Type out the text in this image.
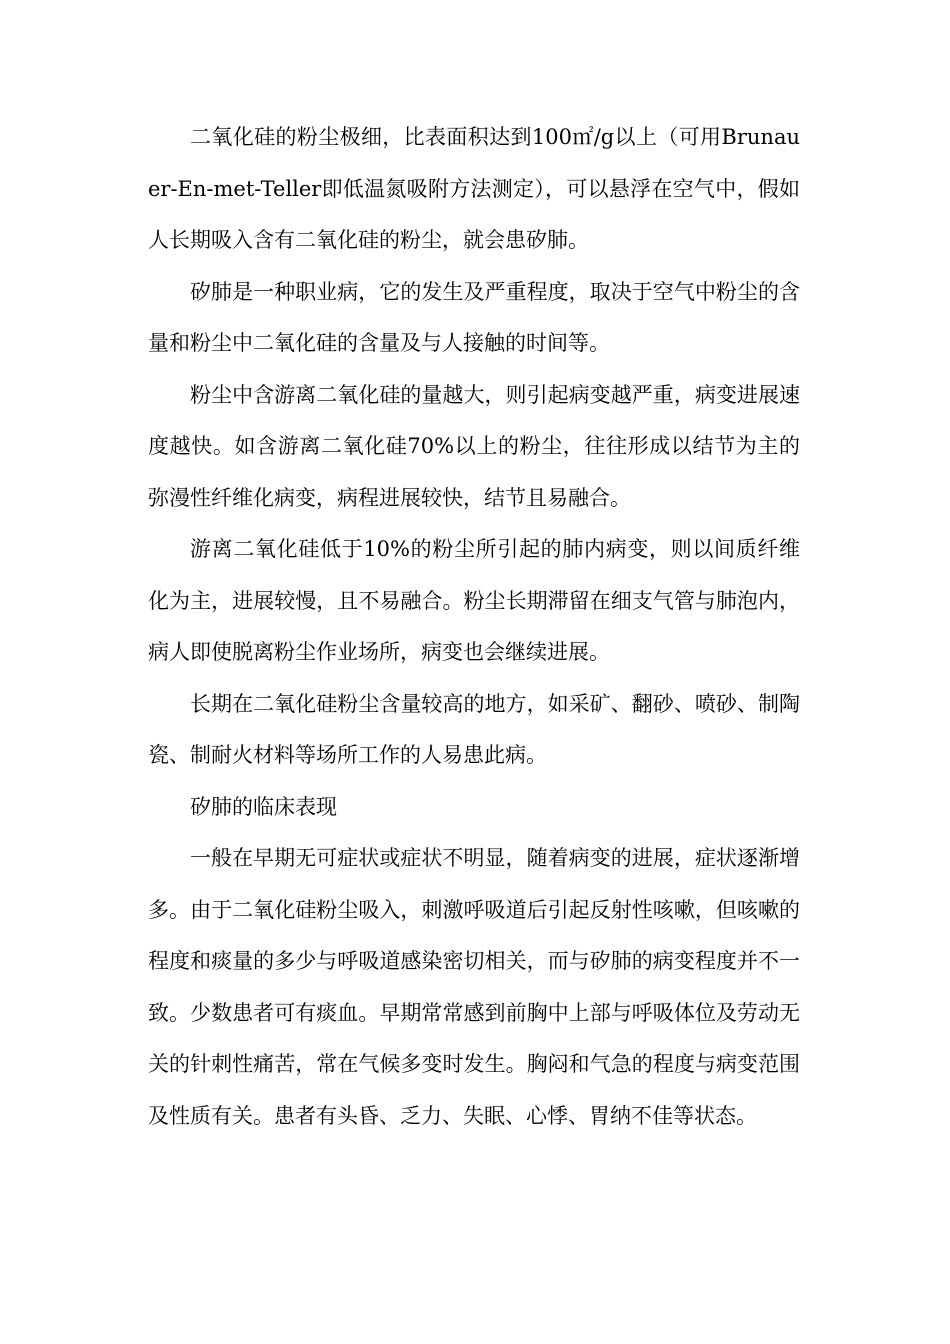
二氧化硅的粉尘极细，比表面积达到100㎡/g以上（可用Brunauer-En-met-Teller即低温氮吸附方法测定），可以悬浮在空气中，假如人长期吸入含有二氧化硅的粉尘，就会患矽肺。

矽肺是一种职业病，它的发生及严重程度，取决于空气中粉尘的含量和粉尘中二氧化硅的含量及与人接触的时间等。

粉尘中含游离二氧化硅的量越大，则引起病变越严重，病变进展速度越快。如含游离二氧化硅70%以上的粉尘，往往形成以结节为主的弥漫性纤维化病变，病程进展较快，结节且易融合。

游离二氧化硅低于10%的粉尘所引起的肺内病变，则以间质纤维化为主，进展较慢，且不易融合。粉尘长期滞留在细支气管与肺泡内，病人即使脱离粉尘作业场所，病变也会继续进展。

长期在二氧化硅粉尘含量较高的地方，如采矿、翻砂、喷砂、制陶瓷、制耐火材料等场所工作的人易患此病。

矽肺的临床表现

一般在早期无可症状或症状不明显，随着病变的进展，症状逐渐增多。由于二氧化硅粉尘吸入，刺激呼吸道后引起反射性咳嗽，但咳嗽的程度和痰量的多少与呼吸道感染密切相关，而与矽肺的病变程度并不一致。少数患者可有痰血。早期常常感到前胸中上部与呼吸体位及劳动无关的针刺性痛苦，常在气候多变时发生。胸闷和气急的程度与病变范围及性质有关。患者有头昏、乏力、失眠、心悸、胃纳不佳等状态。
